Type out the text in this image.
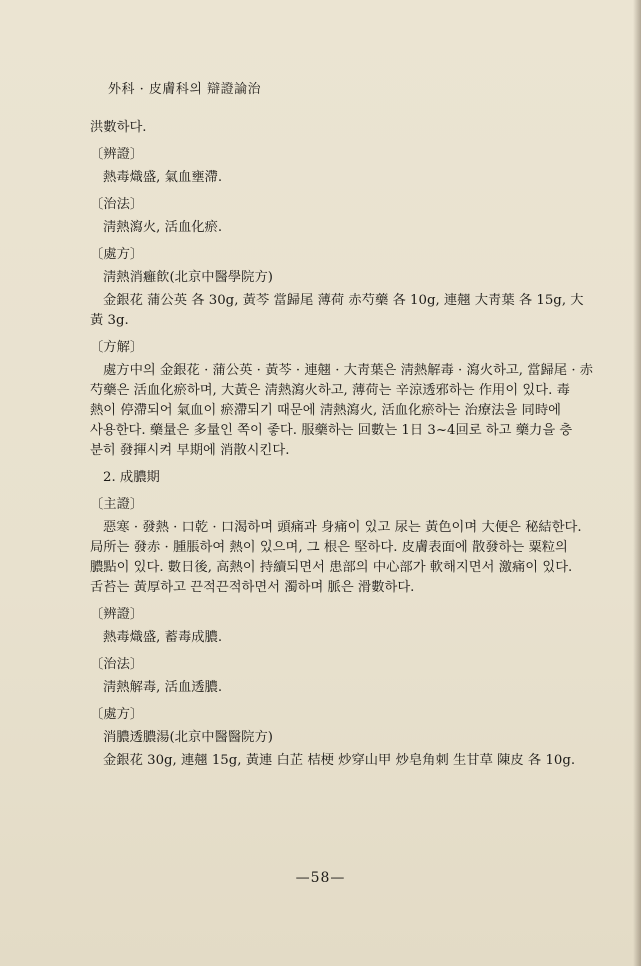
外科 · 皮膚科의 辯證論治
洪數하다.
〔辨證〕
熱毒熾盛, 氣血壅滯.
〔治法〕
淸熱瀉火, 活血化瘀.
〔處方〕
淸熱消癰飮(北京中醫學院方)
金銀花 蒲公英 各 30g, 黃芩 當歸尾 薄荷 赤芍藥 各 10g, 連翹 大靑葉 各 15g, 大
黃 3g.
〔方解〕
處方中의 金銀花 · 蒲公英 · 黃芩 · 連翹 · 大靑葉은 淸熱解毒 · 瀉火하고, 當歸尾 · 赤
芍藥은 活血化瘀하며, 大黃은 淸熱瀉火하고, 薄荷는 辛涼透邪하는 作用이 있다. 毒
熱이 停滯되어 氣血이 瘀滯되기 때문에 淸熱瀉火, 活血化瘀하는 治療法을 同時에
사용한다. 藥量은 多量인 쪽이 좋다. 服藥하는 回數는 1日 3~4回로 하고 藥力을 충
분히 發揮시켜 早期에 消散시킨다.
2. 成膿期
〔主證〕
惡寒 · 發熱 · 口乾 · 口渴하며 頭痛과 身痛이 있고 尿는 黃色이며 大便은 秘結한다.
局所는 發赤 · 腫脹하여 熱이 있으며, 그 根은 堅하다. 皮膚表面에 散發하는 粟粒의
膿點이 있다. 數日後, 高熱이 持續되면서 患部의 中心部가 軟해지면서 激痛이 있다.
舌苔는 黃厚하고 끈적끈적하면서 濁하며 脈은 滑數하다.
〔辨證〕
熱毒熾盛, 蓄毒成膿.
〔治法〕
淸熱解毒, 活血透膿.
〔處方〕
消膿透膿湯(北京中醫醫院方)
金銀花 30g, 連翹 15g, 黃連 白芷 桔梗 炒穿山甲 炒皂角刺 生甘草 陳皮 各 10g.
—58—
